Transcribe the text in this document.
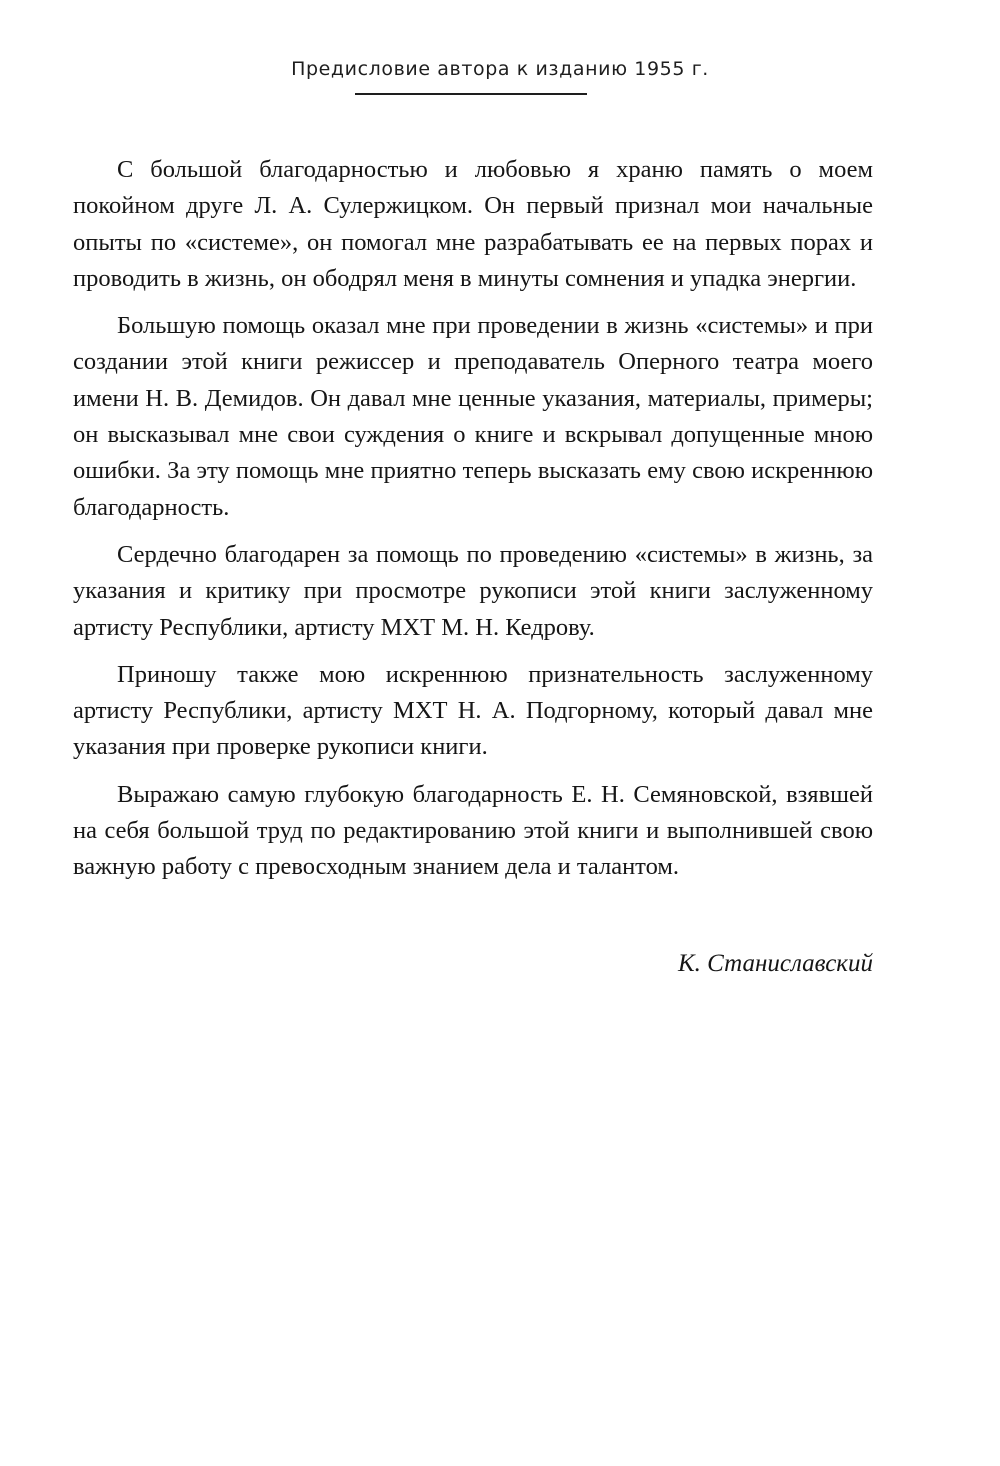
Предисловие автора к изданию 1955 г.

С большой благодарностью и любовью я храню память о моем покойном друге Л. А. Сулержицком. Он первый признал мои начальные опыты по «системе», он помогал мне разрабатывать ее на первых порах и проводить в жизнь, он ободрял меня в минуты сомнения и упадка энергии.

Большую помощь оказал мне при проведении в жизнь «системы» и при создании этой книги режиссер и преподаватель Оперного театра моего имени Н. В. Демидов. Он давал мне ценные указания, материалы, примеры; он высказывал мне свои суждения о книге и вскрывал допущенные мною ошибки. За эту помощь мне приятно теперь высказать ему свою искреннюю благодарность.

Сердечно благодарен за помощь по проведению «системы» в жизнь, за указания и критику при просмотре рукописи этой книги заслуженному артисту Республики, артисту МХТ М. Н. Кедрову.

Приношу также мою искреннюю признательность заслуженному артисту Республики, артисту МХТ Н. А. Подгорному, который давал мне указания при проверке рукописи книги.

Выражаю самую глубокую благодарность Е. Н. Семяновской, взявшей на себя большой труд по редактированию этой книги и выполнившей свою важную работу с превосходным знанием дела и талантом.

К. Станиславский
